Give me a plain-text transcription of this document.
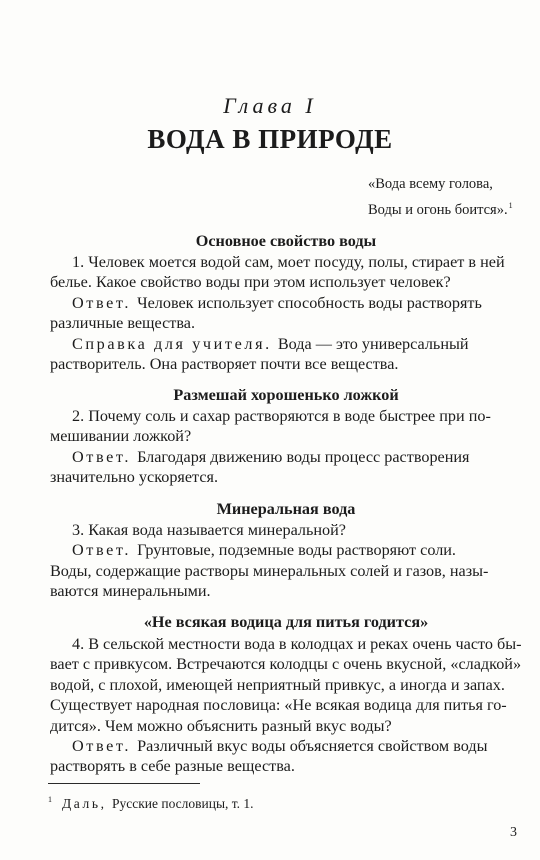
Глава I
ВОДА В ПРИРОДЕ
«Вода всему голова,
Воды и огонь боится».$^1$
Основное свойство воды
1. Человек моется водой сам, моет посуду, полы, стирает в ней
белье. Какое свойство воды при этом использует человек?
Ответ. Человек использует способность воды растворять
различные вещества.
Справка для учителя. Вода — это универсальный
растворитель. Она растворяет почти все вещества.
Размешай хорошенько ложкой
2. Почему соль и сахар растворяются в воде быстрее при по-
мешивании ложкой?
Ответ. Благодаря движению воды процесс растворения
значительно ускоряется.
Минеральная вода
3. Какая вода называется минеральной?
Ответ. Грунтовые, подземные воды растворяют соли.
Воды, содержащие растворы минеральных солей и газов, назы-
ваются минеральными.
«Не всякая водица для питья годится»
4. В сельской местности вода в колодцах и реках очень часто бы-
вает с привкусом. Встречаются колодцы с очень вкусной, «сладкой»
водой, с плохой, имеющей неприятный привкус, а иногда и запах.
Существует народная пословица: «Не всякая водица для питья го-
дится». Чем можно объяснить разный вкус воды?
Ответ. Различный вкус воды объясняется свойством воды
растворять в себе разные вещества.
$^1$ Даль, Русские пословицы, т. 1.
3
